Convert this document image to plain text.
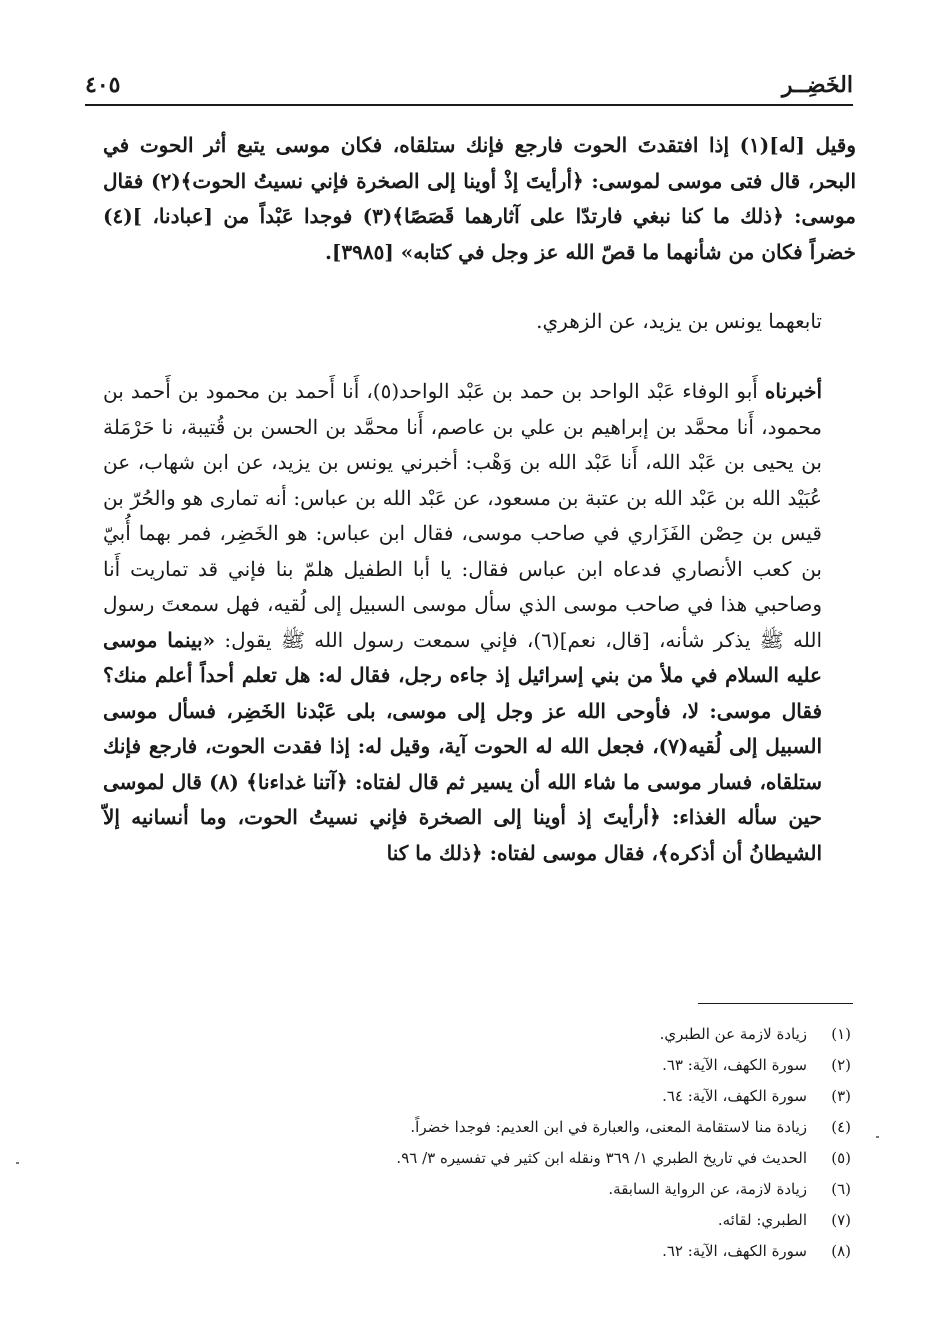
الخَضِــر
٤٠٥

وقيل [له](١) إذا افتقدتَ الحوت فارجع فإنك ستلقاه، فكان موسى يتبع أثر الحوت في البحر، قال فتى موسى لموسى: ﴿أرأيتَ إذْ أوينا إلى الصخرة فإني نسيتُ الحوت﴾(٢) فقال موسى: ﴿ذلك ما كنا نبغي فارتدّا على آثارهما قَصَصًا﴾(٣) فوجدا عَبْداً من [عبادنا، ](٤) خضراً فكان من شأنهما ما قصّ الله عز وجل في كتابه» [٣٩٨٥].

تابعهما يونس بن يزيد، عن الزهري.

أخبرناه أَبو الوفاء عَبْد الواحد بن حمد بن عَبْد الواحد(٥)، أَنا أَحمد بن محمود بن أَحمد بن محمود، أَنا محمَّد بن إبراهيم بن علي بن عاصم، أَنا محمَّد بن الحسن بن قُتيبة، نا حَرْمَلة بن يحيى بن عَبْد الله، أَنا عَبْد الله بن وَهْب: أخبرني يونس بن يزيد، عن ابن شهاب، عن عُبَيْد الله بن عَبْد الله بن عتبة بن مسعود، عن عَبْد الله بن عباس: أنه تمارى هو والحُرّ بن قيس بن حِصْن الفَزَاري في صاحب موسى، فقال ابن عباس: هو الخَضِر، فمر بهما أُبيّ بن كعب الأنصاري فدعاه ابن عباس فقال: يا أبا الطفيل هلمّ بنا فإني قد تماريت أَنا وصاحبي هذا في صاحب موسى الذي سأل موسى السبيل إلى لُقيه، فهل سمعتَ رسول الله ﷺ يذكر شأنه، [قال، نعم](٦)، فإني سمعت رسول الله ﷺ يقول: «بينما موسى عليه السلام في ملأ من بني إسرائيل إذ جاءه رجل، فقال له: هل تعلم أحداً أعلم منك؟ فقال موسى: لا، فأوحى الله عز وجل إلى موسى، بلى عَبْدنا الخَضِر، فسأل موسى السبيل إلى لُقيه(٧)، فجعل الله له الحوت آية، وقيل له: إذا فقدت الحوت، فارجع فإنك ستلقاه، فسار موسى ما شاء الله أن يسير ثم قال لفتاه: ﴿آتنا غداءنا﴾ (٨) قال لموسى حين سأله الغذاء: ﴿أرأيتَ إذ أوينا إلى الصخرة فإني نسيتُ الحوت، وما أنسانيه إلاّ الشيطانُ أن أذكره﴾، فقال موسى لفتاه: ﴿ذلك ما كنا

(١)زيادة لازمة عن الطبري.
(٢)سورة الكهف، الآية: ٦٣.
(٣)سورة الكهف، الآية: ٦٤.
(٤)زيادة منا لاستقامة المعنى، والعبارة في ابن العديم: فوجدا خضراً.
(٥)الحديث في تاريخ الطبري ١/ ٣٦٩ ونقله ابن كثير في تفسيره ٣/ ٩٦.
(٦)زيادة لازمة، عن الرواية السابقة.
(٧)الطبري: لقائه.
(٨)سورة الكهف، الآية: ٦٢.
